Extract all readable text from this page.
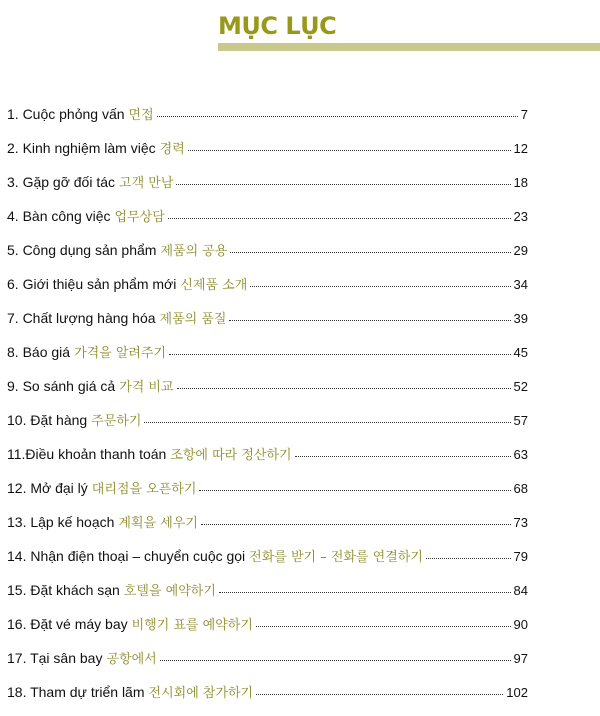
MỤC LỤC
1. Cuộc phỏng vấn 면접	7
2. Kinh nghiệm làm việc 경력	12
3. Gặp gỡ đối tác 고객 만남	18
4. Bàn công việc 업무상담	23
5. Công dụng sản phẩm 제품의 공용	29
6. Giới thiệu sản phẩm mới 신제품 소개	34
7. Chất lượng hàng hóa 제품의 품질	39
8. Báo giá 가격을 알려주기	45
9. So sánh giá cả 가격 비교	52
10. Đặt hàng 주문하기	57
11.Điều khoản thanh toán 조항에 따라 정산하기	63
12. Mở đại lý 대리점을 오픈하기	68
13. Lập kế hoạch 계획을 세우기	73
14. Nhận điện thoại – chuyển cuộc gọi 전화를 받기 – 전화를 연결하기	79
15. Đặt khách sạn 호텔을 예약하기	84
16. Đặt vé máy bay 비행기 표를 예약하기	90
17. Tại sân bay 공항에서	97
18. Tham dự triển lãm 전시회에 참가하기	102
